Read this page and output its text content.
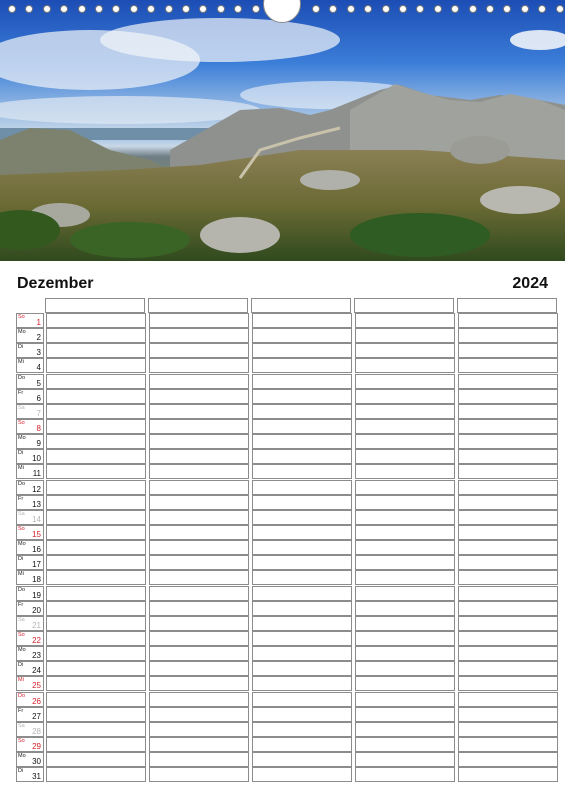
Dezember	2024
So
1
Mo
2
Di
3
Mi
4
Do
5
Fr
6
Sa
7
So
8
Mo
9
Di
10
Mi
11
Do
12
Fr
13
Sa
14
So
15
Mo
16
Di
17
Mi
18
Do
19
Fr
20
Sa
21
So
22
Mo
23
Di
24
Mi
25
Do
26
Fr
27
Sa
28
So
29
Mo
30
Di
31
